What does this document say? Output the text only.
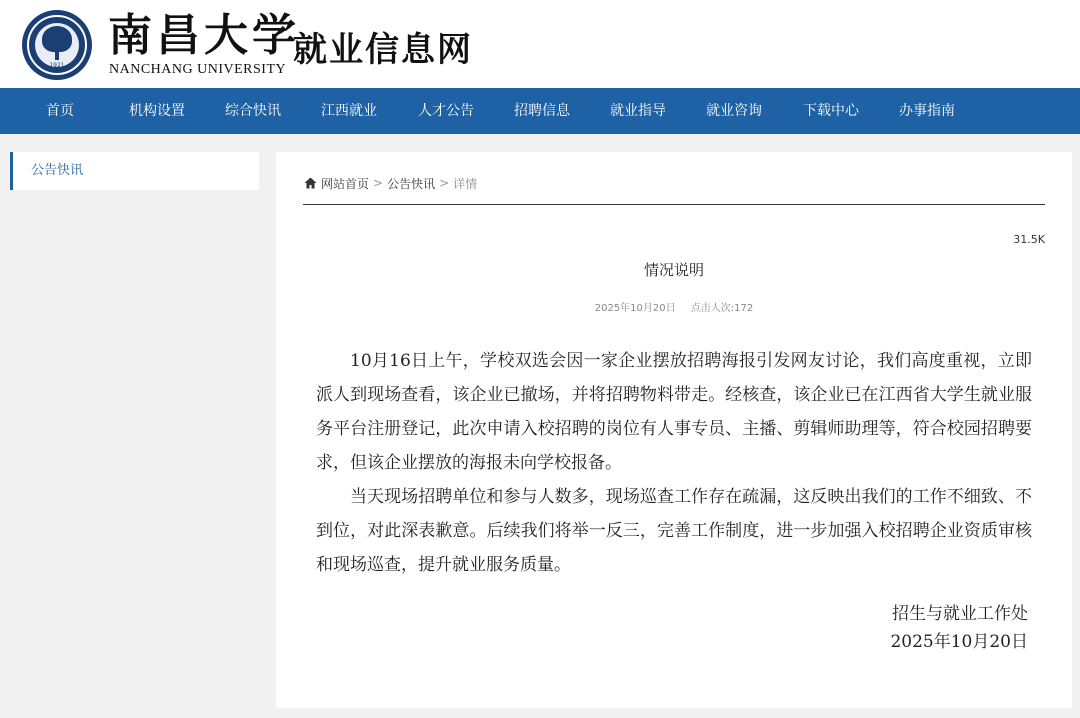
1921
南昌大学
NANCHANG UNIVERSITY 就业信息网
首页	机构设置	综合快讯	江西就业	人才公告	招聘信息	就业指导	就业咨询	下载中心	办事指南
公告快讯
网站首页 > 公告快讯 > 详情
31.5K
情况说明
2025年10月20日 点击人次:172

10月16日上午，学校双选会因一家企业摆放招聘海报引发网友讨论，我们高度重视，立即派人到现场查看，该企业已撤场，并将招聘物料带走。经核查，该企业已在江西省大学生就业服务平台注册登记，此次申请入校招聘的岗位有人事专员、主播、剪辑师助理等，符合校园招聘要求，但该企业摆放的海报未向学校报备。

当天现场招聘单位和参与人数多，现场巡查工作存在疏漏，这反映出我们的工作不细致、不到位，对此深表歉意。后续我们将举一反三，完善工作制度，进一步加强入校招聘企业资质审核和现场巡查，提升就业服务质量。

招生与就业工作处
2025年10月20日
